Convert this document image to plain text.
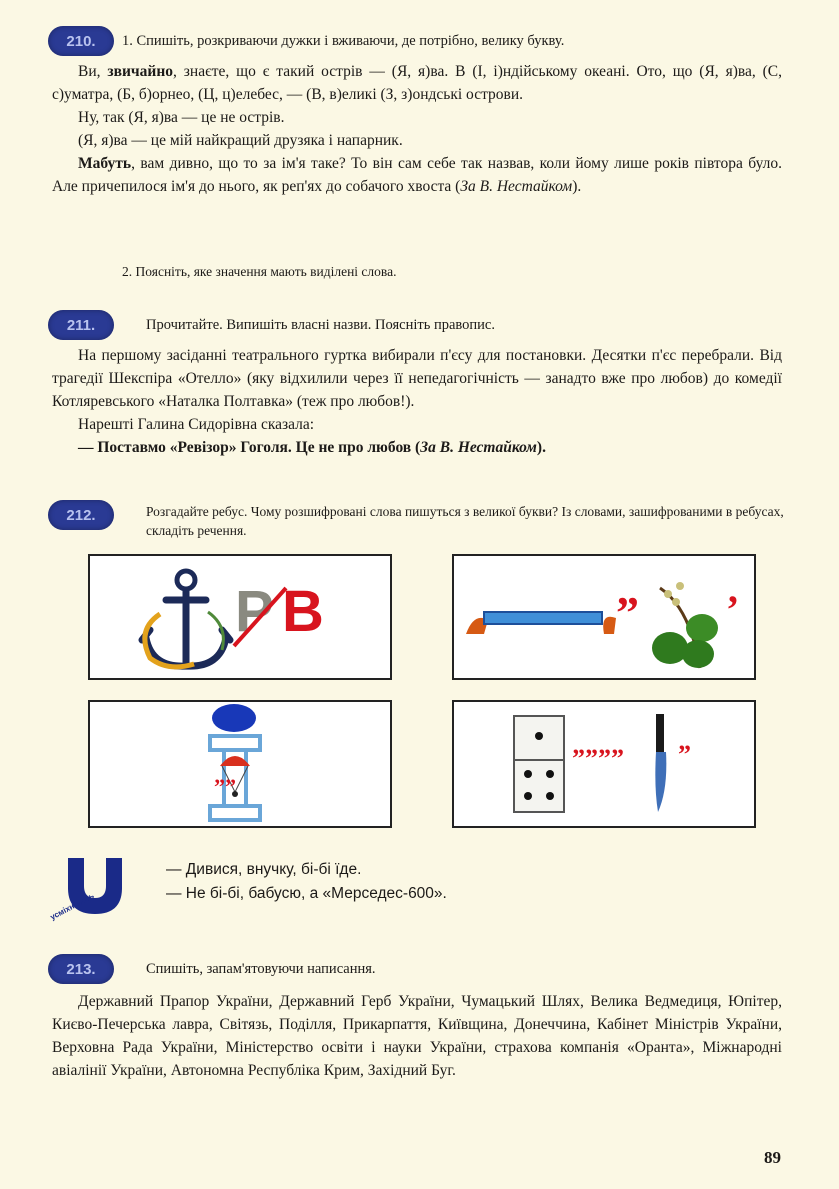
210.	1. Спишіть, розкриваючи дужки і вживаючи, де потрібно, велику букву.

Ви, звичайно, знаєте, що є такий острів — (Я, я)ва. В (І, і)ндійському океані. Ото, що (Я, я)ва, (С, с)уматра, (Б, б)орнео, (Ц, ц)елебес, — (В, в)еликі (З, з)ондські острови.

Ну, так (Я, я)ва — це не острів.

(Я, я)ва — це мій найкращий друзяка і напарник.

Мабуть, вам дивно, що то за ім'я таке? То він сам себе так назвав, коли йому лише років півтора було. Але причепилося ім'я до нього, як реп'ях до собачого хвоста (За В. Нестайком).

2. Поясніть, яке значення мають виділені слова.
211.	Прочитайте. Випишіть власні назви. Поясніть правопис.

На першому засіданні театрального гуртка вибирали п'єсу для постановки. Десятки п'єс перебрали. Від трагедії Шекспіра «Отелло» (яку відхилили через її непедагогічність — занадто вже про любов) до комедії Котляревського «Наталка Полтавка» (теж про любов!).

Нарешті Галина Сидорівна сказала:

— Поставмо «Ревізор» Гоголя. Це не про любов (За В. Нестайком).

212.	Розгадайте ребус. Чому розшифровані слова пишуться з великої букви? Із словами, зашифрованими в ребусах, складіть речення.
Р В	” ’
””
”””” ”
усміхнімось
— Дивися, внучку, бі-бі їде.
— Не бі-бі, бабусю, а «Мерседес-600».
213.	Спишіть, запам'ятовуючи написання.

Державний Прапор України, Державний Герб України, Чумацький Шлях, Велика Ведмедиця, Юпітер, Києво-Печерська лавра, Світязь, Поділля, Прикарпаття, Київщина, Донеччина, Кабінет Міністрів України, Верховна Рада України, Міністерство освіти і науки України, страхова компанія «Оранта», Міжнародні авіалінії України, Автономна Республіка Крим, Західний Буг.

89
